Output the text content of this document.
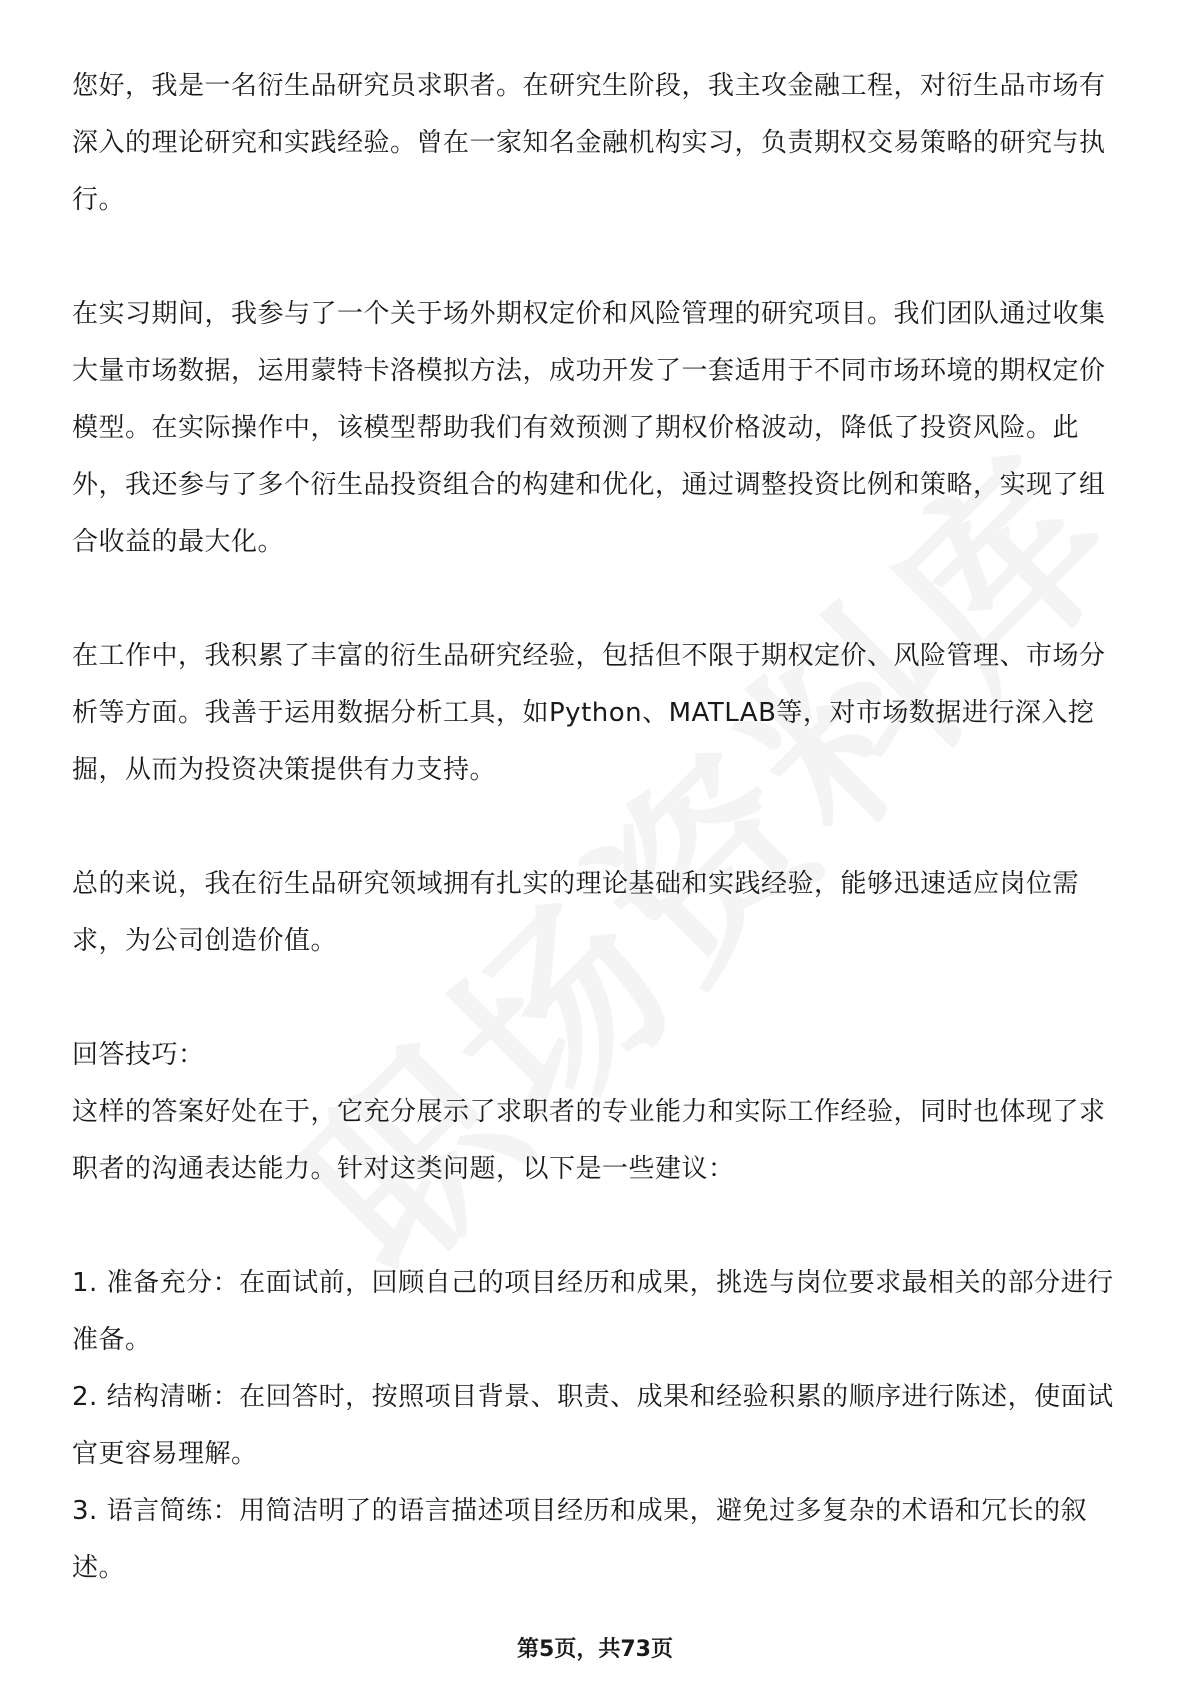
您好，我是一名衍生品研究员求职者。在研究生阶段，我主攻金融工程，对衍生品市场有深入的理论研究和实践经验。曾在一家知名金融机构实习，负责期权交易策略的研究与执行。

在实习期间，我参与了一个关于场外期权定价和风险管理的研究项目。我们团队通过收集大量市场数据，运用蒙特卡洛模拟方法，成功开发了一套适用于不同市场环境的期权定价模型。在实际操作中，该模型帮助我们有效预测了期权价格波动，降低了投资风险。此外，我还参与了多个衍生品投资组合的构建和优化，通过调整投资比例和策略，实现了组合收益的最大化。

在工作中，我积累了丰富的衍生品研究经验，包括但不限于期权定价、风险管理、市场分析等方面。我善于运用数据分析工具，如Python、MATLAB等，对市场数据进行深入挖掘，从而为投资决策提供有力支持。

总的来说，我在衍生品研究领域拥有扎实的理论基础和实践经验，能够迅速适应岗位需求，为公司创造价值。

回答技巧：

这样的答案好处在于，它充分展示了求职者的专业能力和实际工作经验，同时也体现了求职者的沟通表达能力。针对这类问题，以下是一些建议：

1. 准备充分：在面试前，回顾自己的项目经历和成果，挑选与岗位要求最相关的部分进行准备。

2. 结构清晰：在回答时，按照项目背景、职责、成果和经验积累的顺序进行陈述，使面试官更容易理解。

3. 语言简练：用简洁明了的语言描述项目经历和成果，避免过多复杂的术语和冗长的叙述。

第5页，共73页
